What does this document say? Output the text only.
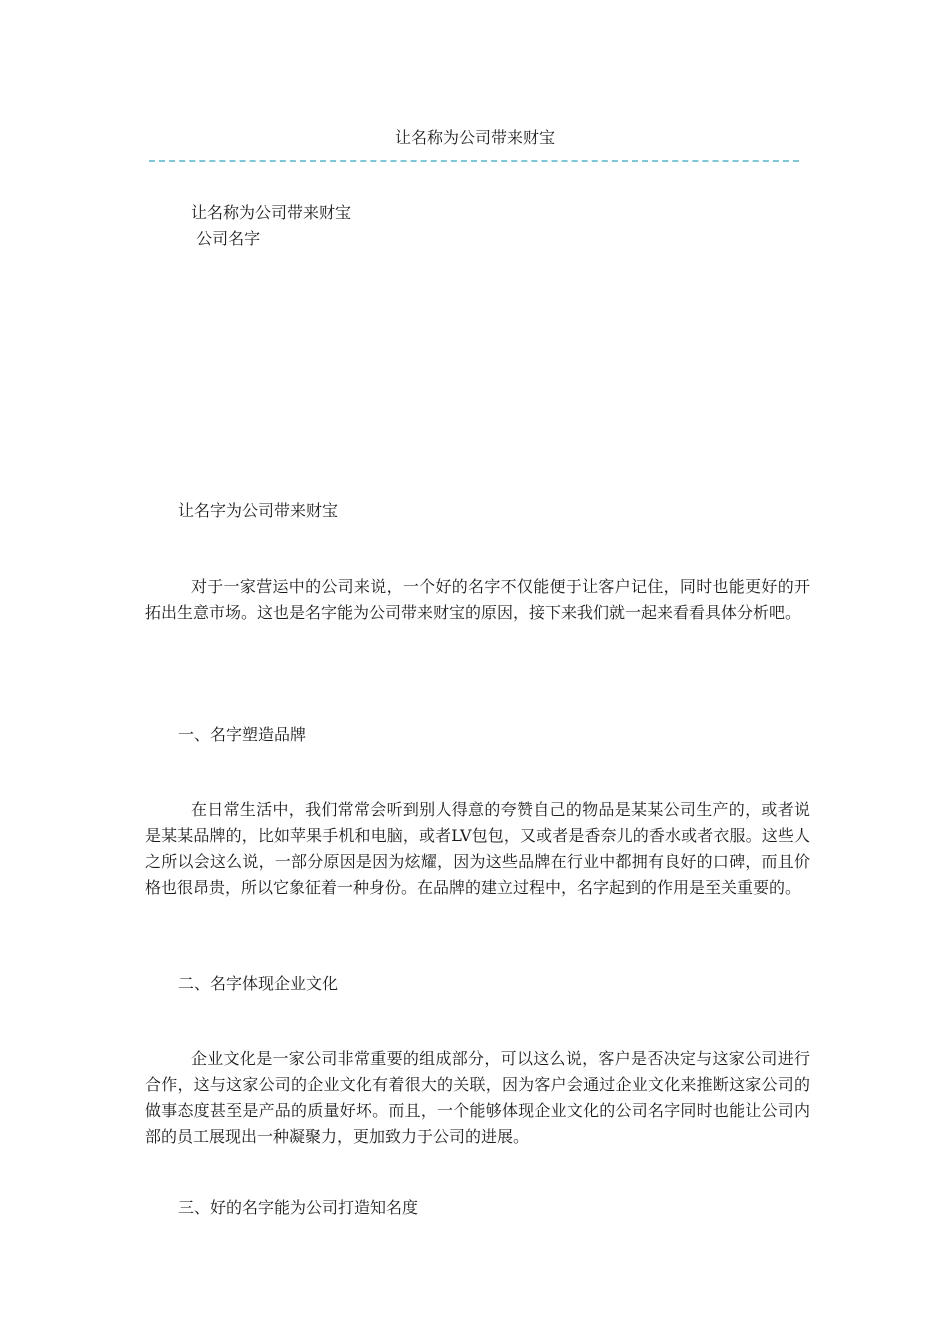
让名称为公司带来财宝
让名称为公司带来财宝
公司名字
让名字为公司带来财宝
对于一家营运中的公司来说，一个好的名字不仅能便于让客户记住，同时也能更好的开拓出生意市场。这也是名字能为公司带来财宝的原因，接下来我们就一起来看看具体分析吧。
一、名字塑造品牌
在日常生活中，我们常常会听到别人得意的夸赞自己的物品是某某公司生产的，或者说是某某品牌的，比如苹果手机和电脑，或者LV包包，又或者是香奈儿的香水或者衣服。这些人之所以会这么说，一部分原因是因为炫耀，因为这些品牌在行业中都拥有良好的口碑，而且价格也很昂贵，所以它象征着一种身份。在品牌的建立过程中，名字起到的作用是至关重要的。
二、名字体现企业文化
企业文化是一家公司非常重要的组成部分，可以这么说，客户是否决定与这家公司进行合作，这与这家公司的企业文化有着很大的关联，因为客户会通过企业文化来推断这家公司的做事态度甚至是产品的质量好坏。而且，一个能够体现企业文化的公司名字同时也能让公司内部的员工展现出一种凝聚力，更加致力于公司的进展。
三、好的名字能为公司打造知名度
